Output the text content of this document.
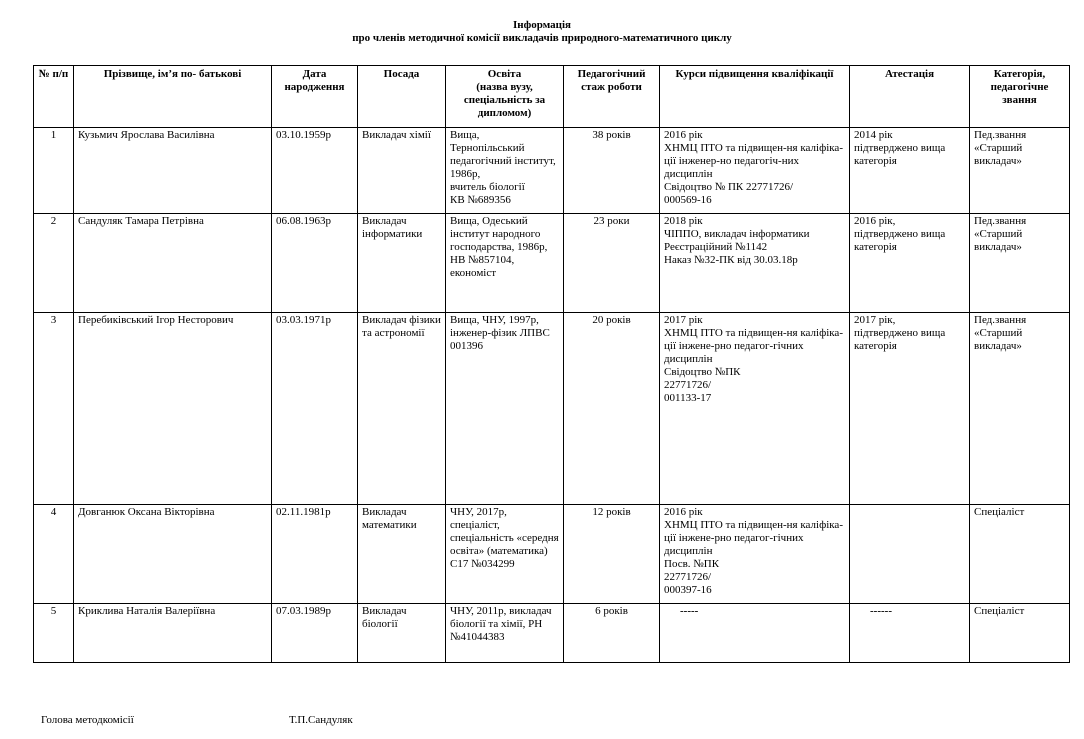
Інформація
про членів методичної комісії викладачів природного-математичного циклу
№ п/п	Прізвище, ім’я по- батькові	Дата народження	Посада	Освіта
(назва вузу, спеціальність за дипломом)	Педагогічний стаж роботи	Курси підвищення кваліфікації	Атестація	Категорія, педагогічне звання
1	Кузьмич Ярослава Василівна	03.10.1959р	Викладач хімії	Вища,
Тернопільський педагогічний інститут, 1986р,
вчитель біології
КВ №689356	38 років	2016 рік
ХНМЦ ПТО та підвищен-ня каліфіка-ції інженер-но педагогіч-них дисциплін
Свідоцтво № ПК 22771726/
000569-16	2014 рік
підтверджено вища категорія	Пед.звання «Старший викладач»
2	Сандуляк Тамара Петрівна	06.08.1963р	Викладач інформатики	Вища, Одеський інститут народного господарства, 1986р,
НВ №857104, економіст	23 роки	2018 рік
ЧІППО, викладач інформатики
Реєстраційний №1142
Наказ №32-ПК від 30.03.18р	2016 рік,
підтверджено вища категорія	Пед.звання «Старший викладач»
3	Перебиківський Ігор Несторович	03.03.1971р	Викладач фізики та астрономії	Вища, ЧНУ, 1997р, інженер-фізик ЛПВС 001396	20 років	2017 рік
ХНМЦ ПТО та підвищен-ня каліфіка-ції інжене-рно педагог-гічних дисциплін
Свідоцтво №ПК
22771726/
001133-17	2017 рік,
підтверджено вища категорія	Пед.звання «Старший викладач»
4	Довганюк Оксана Вікторівна	02.11.1981р	Викладач математики	ЧНУ, 2017р, спеціаліст, спеціальність «середня освіта» (математика)
С17 №034299	12 років	2016 рік
ХНМЦ ПТО та підвищен-ня каліфіка-ції інжене-рно педагог-гічних дисциплін
Посв. №ПК
22771726/
000397-16		Спеціаліст
5	Криклива Наталія Валеріївна	07.03.1989р	Викладач біології	ЧНУ, 2011р, викладач біології та хімії, РН №41044383	6 років	-----	------	Спеціаліст
Голова методкомісії	Т.П.Сандуляк
